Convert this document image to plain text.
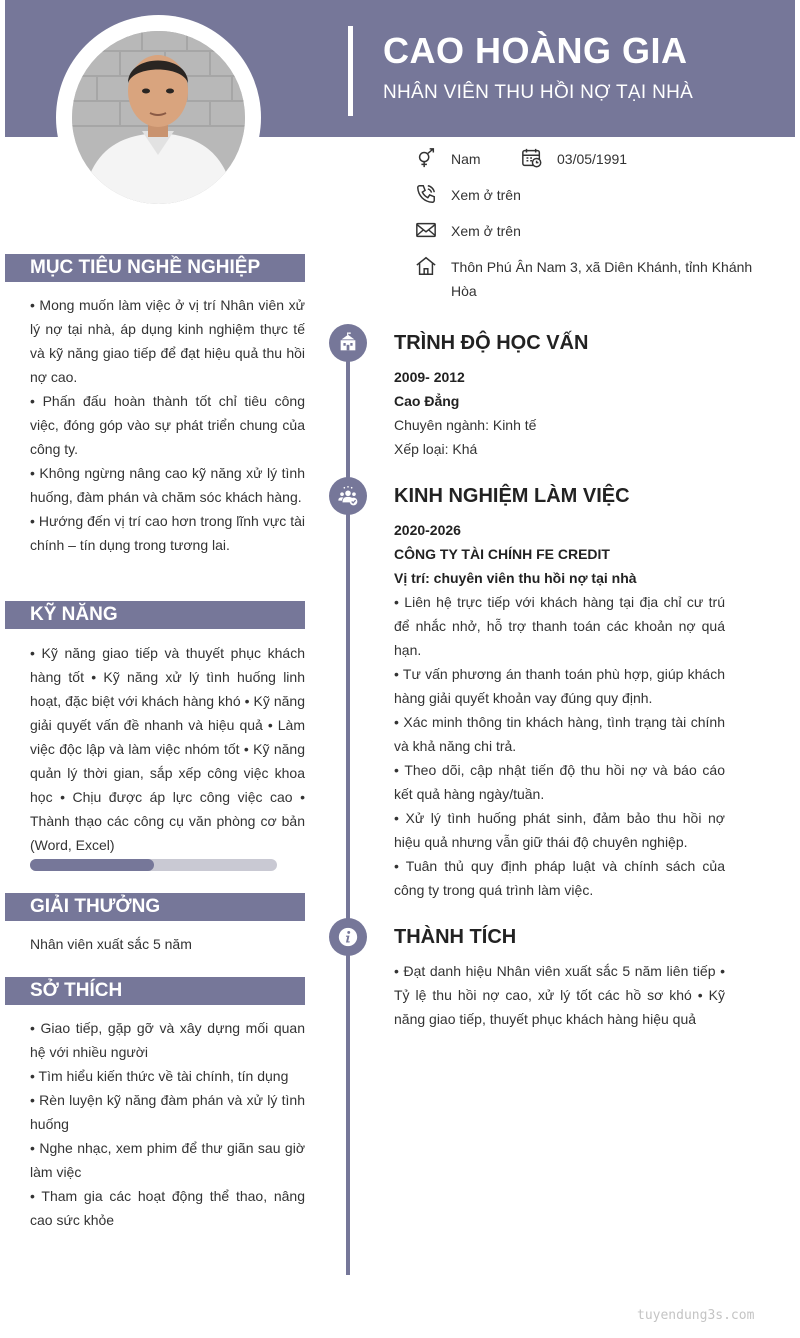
CAO HOÀNG GIA
NHÂN VIÊN THU HỒI NỢ TẠI NHÀ
Nam	03/05/1991
Xem ở trên
Xem ở trên
Thôn Phú Ân Nam 3, xã Diên Khánh, tỉnh Khánh Hòa
MỤC TIÊU NGHỀ NGHIỆP

• Mong muốn làm việc ở vị trí Nhân viên xử lý nợ tại nhà, áp dụng kinh nghiệm thực tế và kỹ năng giao tiếp để đạt hiệu quả thu hồi nợ cao.

• Phấn đấu hoàn thành tốt chỉ tiêu công việc, đóng góp vào sự phát triển chung của công ty.

• Không ngừng nâng cao kỹ năng xử lý tình huống, đàm phán và chăm sóc khách hàng.

• Hướng đến vị trí cao hơn trong lĩnh vực tài chính – tín dụng trong tương lai.

KỸ NĂNG
• Kỹ năng giao tiếp và thuyết phục khách hàng tốt • Kỹ năng xử lý tình huống linh hoạt, đặc biệt với khách hàng khó • Kỹ năng giải quyết vấn đề nhanh và hiệu quả • Làm việc độc lập và làm việc nhóm tốt • Kỹ năng quản lý thời gian, sắp xếp công việc khoa học • Chịu được áp lực công việc cao • Thành thạo các công cụ văn phòng cơ bản (Word, Excel)
GIẢI THƯỞNG
Nhân viên xuất sắc 5 năm
SỞ THÍCH

• Giao tiếp, gặp gỡ và xây dựng mối quan hệ với nhiều người

• Tìm hiểu kiến thức về tài chính, tín dụng

• Rèn luyện kỹ năng đàm phán và xử lý tình huống

• Nghe nhạc, xem phim để thư giãn sau giờ làm việc

• Tham gia các hoạt động thể thao, nâng cao sức khỏe

TRÌNH ĐỘ HỌC VẤN

2009- 2012

Cao Đẳng

Chuyên ngành: Kinh tế

Xếp loại: Khá

KINH NGHIỆM LÀM VIỆC

2020-2026

CÔNG TY TÀI CHÍNH FE CREDIT

Vị trí: chuyên viên thu hồi nợ tại nhà

• Liên hệ trực tiếp với khách hàng tại địa chỉ cư trú để nhắc nhở, hỗ trợ thanh toán các khoản nợ quá hạn.

• Tư vấn phương án thanh toán phù hợp, giúp khách hàng giải quyết khoản vay đúng quy định.

• Xác minh thông tin khách hàng, tình trạng tài chính và khả năng chi trả.

• Theo dõi, cập nhật tiến độ thu hồi nợ và báo cáo kết quả hàng ngày/tuần.

• Xử lý tình huống phát sinh, đảm bảo thu hồi nợ hiệu quả nhưng vẫn giữ thái độ chuyên nghiệp.

• Tuân thủ quy định pháp luật và chính sách của công ty trong quá trình làm việc.

THÀNH TÍCH
• Đạt danh hiệu Nhân viên xuất sắc 5 năm liên tiếp • Tỷ lệ thu hồi nợ cao, xử lý tốt các hồ sơ khó • Kỹ năng giao tiếp, thuyết phục khách hàng hiệu quả
tuyendung3s.com
